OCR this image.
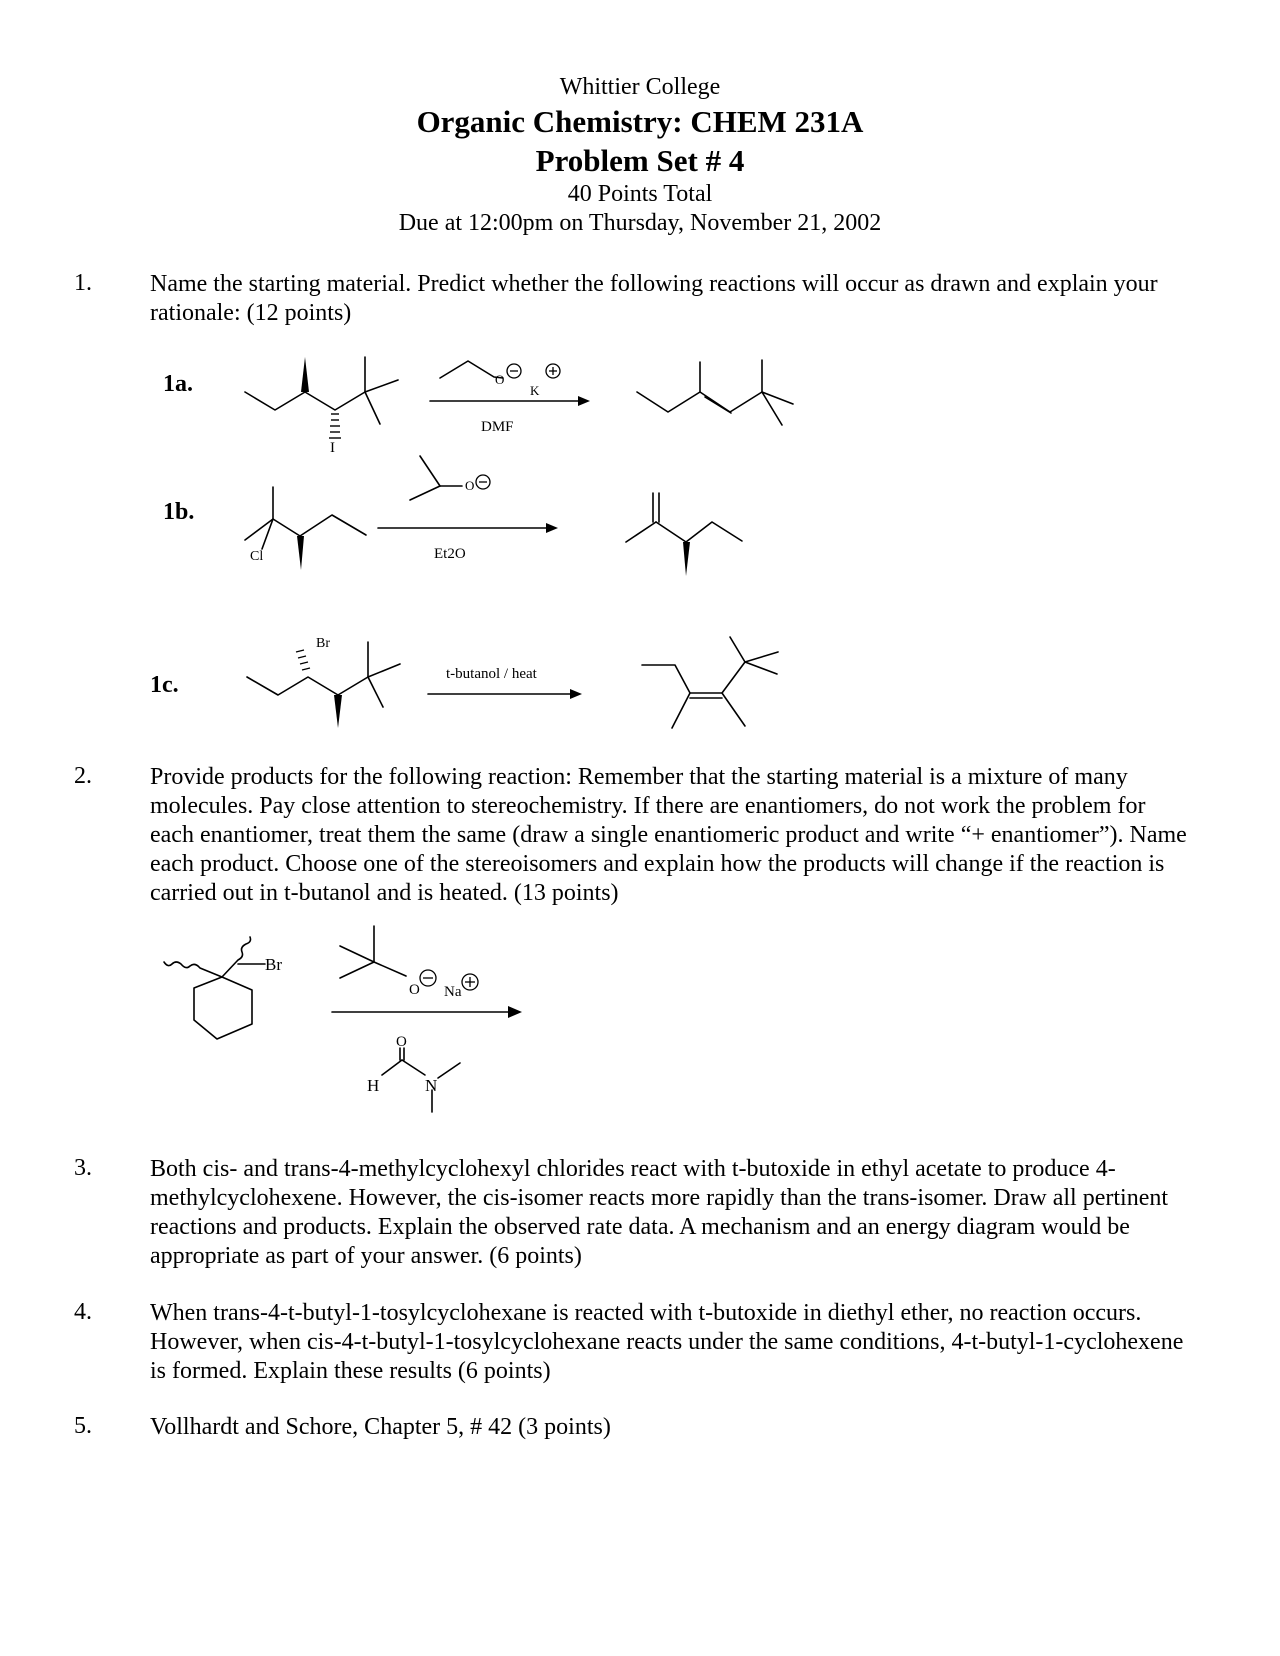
Whittier College
Organic Chemistry: CHEM 231A
Problem Set # 4
40 Points Total
Due at 12:00pm on Thursday, November 21, 2002
1. Name the starting material. Predict whether the following reactions will occur as drawn and explain your rationale: (12 points)
1a.
1b.
1c.
I
O
K
DMF
Cl
O
Et2O
Br
t-butanol / heat
2. Provide products for the following reaction: Remember that the starting material is a mixture of many molecules. Pay close attention to stereochemistry. If there are enantiomers, do not work the problem for each enantiomer, treat them the same (draw a single enantiomeric product and write “+ enantiomer”). Name each product. Choose one of the stereoisomers and explain how the products will change if the reaction is carried out in t-butanol and is heated. (13 points)
Br
O Na
O
H	N
3. Both cis- and trans-4-methylcyclohexyl chlorides react with t-butoxide in ethyl acetate to produce 4-methylcyclohexene. However, the cis-isomer reacts more rapidly than the trans-isomer. Draw all pertinent reactions and products. Explain the observed rate data. A mechanism and an energy diagram would be appropriate as part of your answer. (6 points)
4. When trans-4-t-butyl-1-tosylcyclohexane is reacted with t-butoxide in diethyl ether, no reaction occurs. However, when cis-4-t-butyl-1-tosylcyclohexane reacts under the same conditions, 4-t-butyl-1-cyclohexene is formed. Explain these results (6 points)
5. Vollhardt and Schore, Chapter 5, # 42 (3 points)
